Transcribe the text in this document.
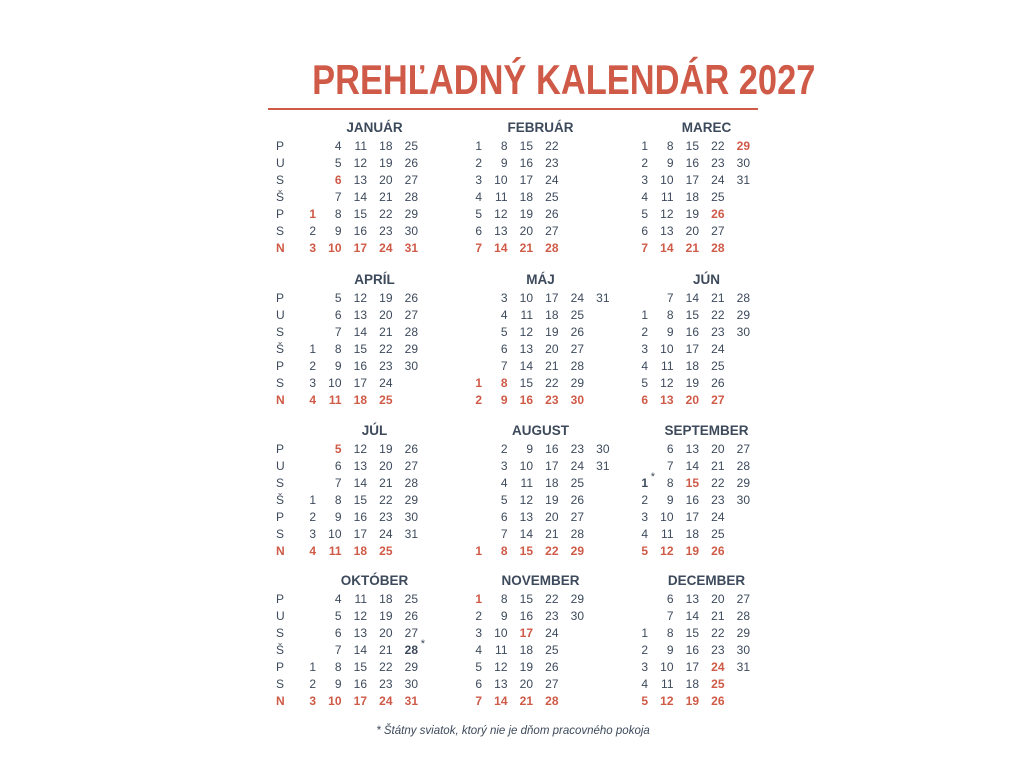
PREHĽADNÝ KALENDÁR 2027
P
U
S
Š
P
S
N
P
U
S
Š
P
S
N
P
U
S
Š
P
S
N
P
U
S
Š
P
S
N
JANUÁR
1
2
3
4
5
6
7
8
9
10
11
12
13
14
15
16
17
18
19
20
21
22
23
24
25
26
27
28
29
30
31
FEBRUÁR
1
2
3
4
5
6
7
8
9
10
11
12
13
14
15
16
17
18
19
20
21
22
23
24
25
26
27
28
MAREC
1
2
3
4
5
6
7
8
9
10
11
12
13
14
15
16
17
18
19
20
21
22
23
24
25
26
27
28
29
30
31
APRÍL
1
2
3
4
5
6
7
8
9
10
11
12
13
14
15
16
17
18
19
20
21
22
23
24
25
26
27
28
29
30
MÁJ
1
2
3
4
5
6
7
8
9
10
11
12
13
14
15
16
17
18
19
20
21
22
23
24
25
26
27
28
29
30
31
JÚN
1
2
3
4
5
6
7
8
9
10
11
12
13
14
15
16
17
18
19
20
21
22
23
24
25
26
27
28
29
30
JÚL
1
2
3
4
5
6
7
8
9
10
11
12
13
14
15
16
17
18
19
20
21
22
23
24
25
26
27
28
29
30
31
AUGUST
1
2
3
4
5
6
7
8
9
10
11
12
13
14
15
16
17
18
19
20
21
22
23
24
25
26
27
28
29
30
31
SEPTEMBER
1 *
2
3
4
5
6
7
8
9
10
11
12
13
14
15
16
17
18
19
20
21
22
23
24
25
26
27
28
29
30
OKTÓBER
1
2
3
4
5
6
7
8
9
10
11
12
13
14
15
16
17
18
19
20
21
22
23
24
25
26
27
28 *
29
30
31
NOVEMBER
1
2
3
4
5
6
7
8
9
10
11
12
13
14
15
16
17
18
19
20
21
22
23
24
25
26
27
28
29
30
DECEMBER
1
2
3
4
5
6
7
8
9
10
11
12
13
14
15
16
17
18
19
20
21
22
23
24
25
26
27
28
29
30
31
* Štátny sviatok, ktorý nie je dňom pracovného pokoja
